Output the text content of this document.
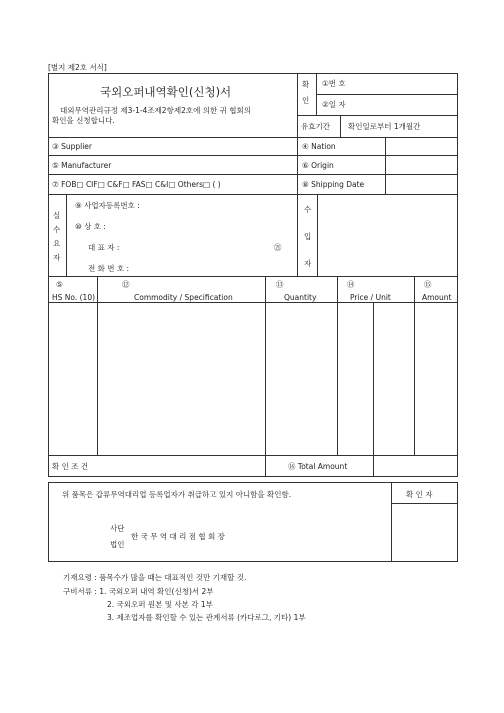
[별지 제2호 서식]
국외오퍼내역확인(신청)서
대외무역관리규정 제3-1-4조제2항제2호에 의한 귀 협회의
확인을 신청합니다.
확
인
①번 호
②일 자
유효기간 확인일로부터 1개월간
③ Supplier	④ Nation
⑤ Manufacturer	⑥ Origin
⑦ FOB□ CIF□ C&F□ FAS□ C&I□ Others□ ( )	⑧ Shipping Date
실
수
요
자
⑨ 사업자등록번호 :
⑩ 상 호 :
대 표 자 :	㉑
전 화 번 호 :
수
입
자
⑤	⑫	⑬	⑭	⑮
HS No. (10)	Commodity / Specification	Quantity	Price / Unit	Amount
확 인 조 건	⑯ Total Amount
위 품목은 갑류무역대리업 등록업자가 취급하고 있지 아니함을 확인함.	확 인 자
사단
법인
한 국 무 역 대 리 점 협 회 장
기재요령 : 품목수가 많을 때는 대표적인 것만 기재할 것.
구비서류 : 1. 국외오퍼 내역 확인(신청)서 2부
2. 국외오퍼 원본 및 사본 각 1부
3. 제조업자를 확인할 수 있는 관계서류 (카다로그, 기타) 1부
